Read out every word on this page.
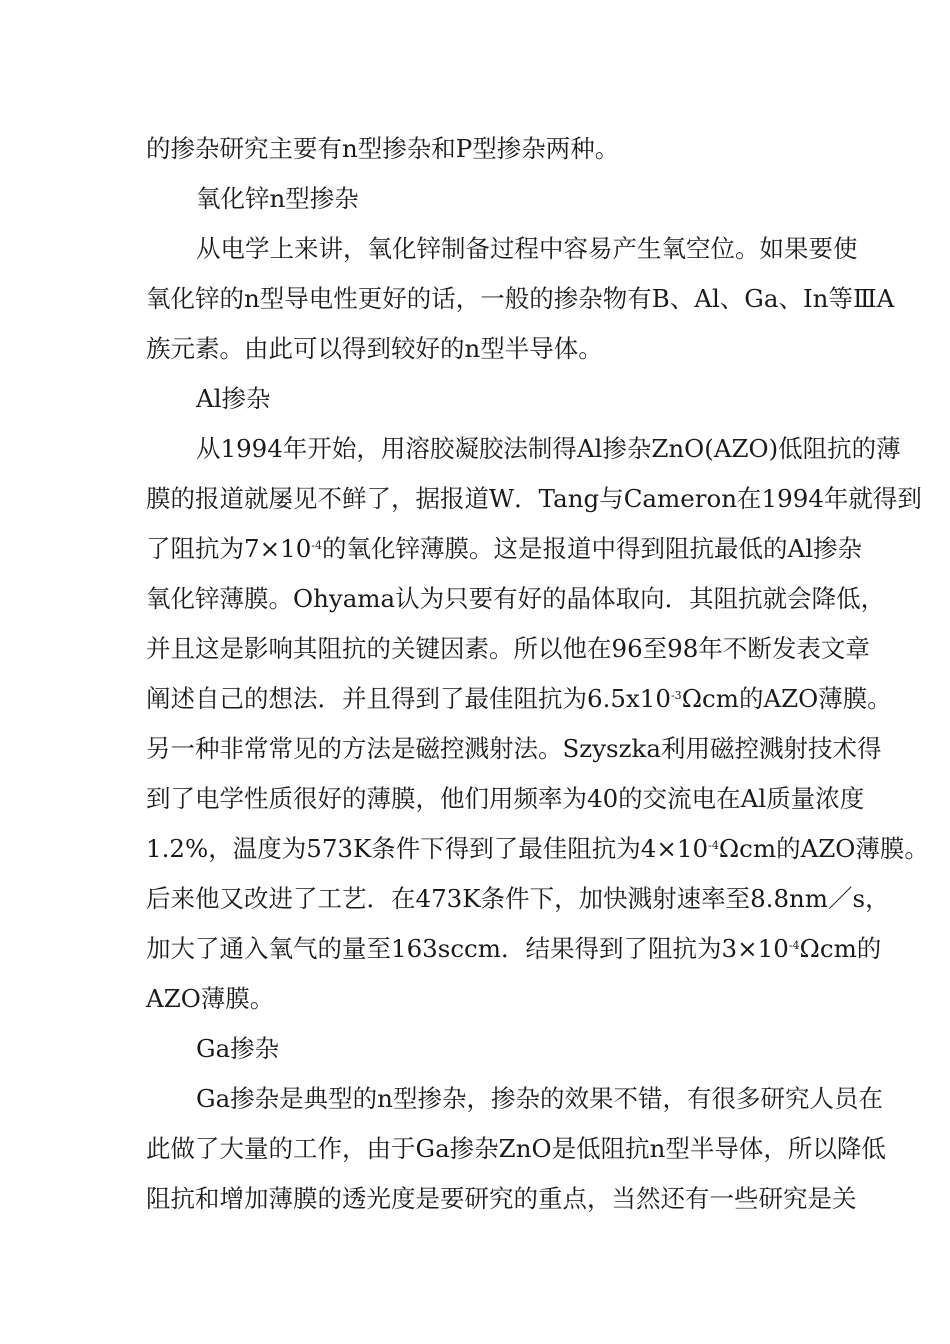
的掺杂研究主要有n型掺杂和P型掺杂两种。

氧化锌n型掺杂

从电学上来讲，氧化锌制备过程中容易产生氧空位。如果要使

氧化锌的n型导电性更好的话，一般的掺杂物有B、Al、Ga、In等ⅢA

族元素。由此可以得到较好的n型半导体。

Al掺杂

从1994年开始，用溶胶凝胶法制得Al掺杂ZnO(AZO)低阻抗的薄

膜的报道就屡见不鲜了，据报道W．Tang与Cameron在1994年就得到

了阻抗为$7\times 10^{-4}$的氧化锌薄膜。这是报道中得到阻抗最低的Al掺杂

氧化锌薄膜。Ohyama认为只要有好的晶体取向．其阻抗就会降低，

并且这是影响其阻抗的关键因素。所以他在96至98年不断发表文章

阐述自己的想法．并且得到了最佳阻抗为$6.5x10^{-3}\Omega cm$的AZO薄膜。

另一种非常常见的方法是磁控溅射法。Szyszka利用磁控溅射技术得

到了电学性质很好的薄膜，他们用频率为40的交流电在Al质量浓度

1.2%，温度为573K条件下得到了最佳阻抗为$4\times 10^{-4}\Omega cm$的AZO薄膜。

后来他又改进了工艺．在473K条件下，加快溅射速率至8.8nm／s，

加大了通入氧气的量至163sccm．结果得到了阻抗为$3\times 10^{-4}\Omega cm$的

AZO薄膜。

Ga掺杂

Ga掺杂是典型的n型掺杂，掺杂的效果不错，有很多研究人员在

此做了大量的工作，由于Ga掺杂ZnO是低阻抗n型半导体，所以降低

阻抗和增加薄膜的透光度是要研究的重点，当然还有一些研究是关
